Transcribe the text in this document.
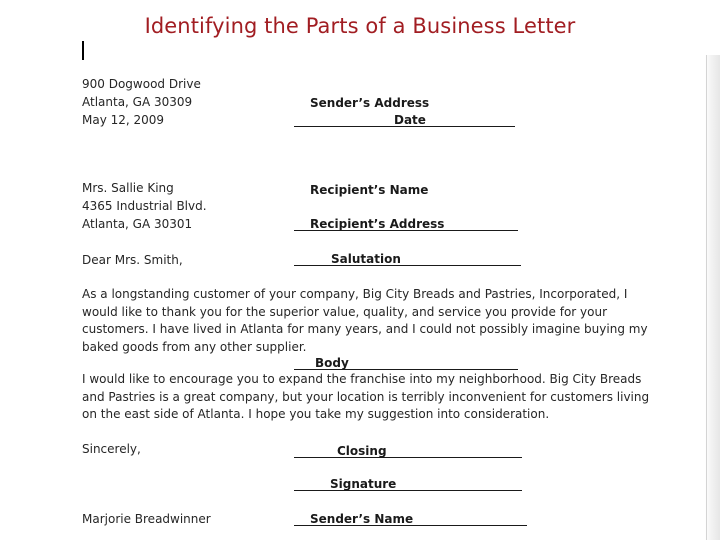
Identifying the Parts of a Business Letter
900 Dogwood Drive
Atlanta, GA 30309
May 12, 2009
Mrs. Sallie King
4365 Industrial Blvd.
Atlanta, GA 30301
Dear Mrs. Smith,
As a longstanding customer of your company, Big City Breads and Pastries, Incorporated, I
would like to thank you for the superior value, quality, and service you provide for your
customers. I have lived in Atlanta for many years, and I could not possibly imagine buying my
baked goods from any other supplier.
I would like to encourage you to expand the franchise into my neighborhood. Big City Breads
and Pastries is a great company, but your location is terribly inconvenient for customers living
on the east side of Atlanta. I hope you take my suggestion into consideration.
Sincerely,
Marjorie Breadwinner
Sender’s Address
Date
Recipient’s Name
Recipient’s Address
Salutation
Body
Closing
Signature
Sender’s Name
